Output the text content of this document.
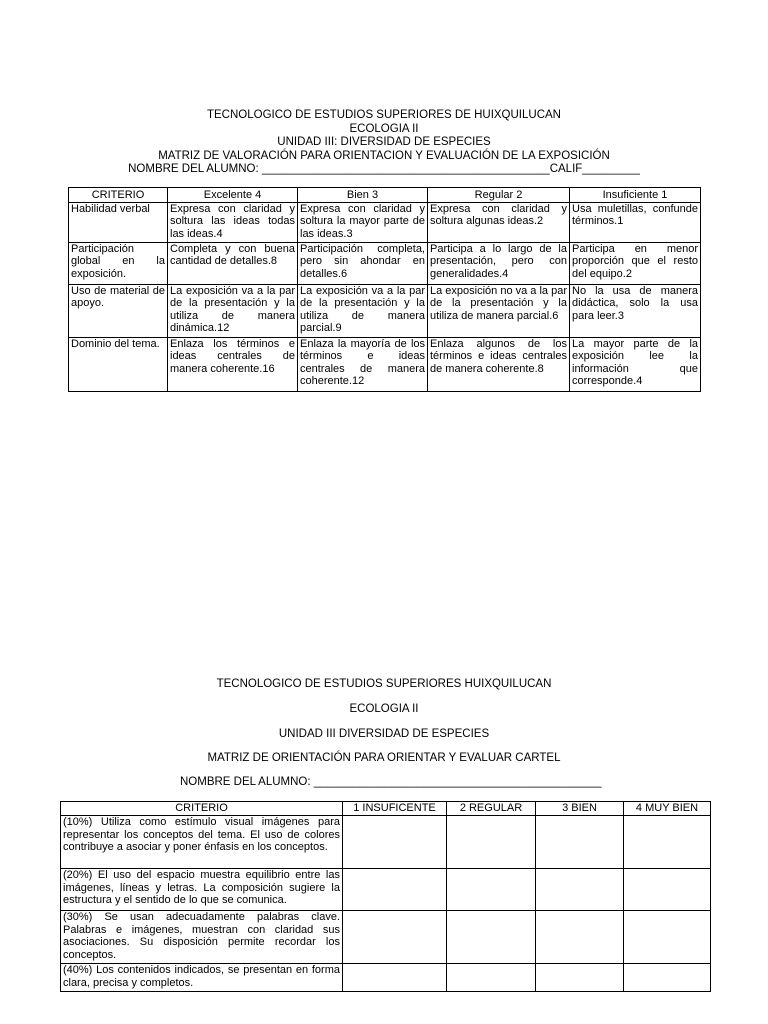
TECNOLOGICO DE ESTUDIOS SUPERIORES DE HUIXQUILUCAN
ECOLOGIA II
UNIDAD III: DIVERSIDAD DE ESPECIES
MATRIZ DE VALORACIÓN PARA ORIENTACION Y EVALUACIÓN DE LA EXPOSICIÓN
NOMBRE DEL ALUMNO: _____________________________________________CALIF_________
CRITERIO	Excelente 4	Bien 3	Regular 2	Insuficiente 1
Habilidad verbal	Expresa con claridad y soltura las ideas todas las ideas.4	Expresa con claridad y soltura la mayor parte de las ideas.3	Expresa con claridad y soltura algunas ideas.2	Usa muletillas, confunde términos.1
Participación global en la exposición.	Completa y con buena cantidad de detalles.8	Participación completa, pero sin ahondar en detalles.6	Participa a lo largo de la presentación, pero con generalidades.4	Participa en menor proporción que el resto del equipo.2
Uso de material de apoyo.	La exposición va a la par de la presentación y la utiliza de manera dinámica.12	La exposición va a la par de la presentación y la utiliza de manera parcial.9	La exposición no va a la par de la presentación y la utiliza de manera parcial.6	No la usa de manera didáctica, solo la usa para leer.3
Dominio del tema.	Enlaza los términos e ideas centrales de manera coherente.16	Enlaza la mayoría de los términos e ideas centrales de manera coherente.12	Enlaza algunos de los términos e ideas centrales de manera coherente.8	La mayor parte de la exposición lee la información que corresponde.4
TECNOLOGICO DE ESTUDIOS SUPERIORES HUIXQUILUCAN
ECOLOGIA II
UNIDAD III DIVERSIDAD DE ESPECIES
MATRIZ DE ORIENTACIÓN PARA ORIENTAR Y EVALUAR CARTEL
NOMBRE DEL ALUMNO: _____________________________________________
CRITERIO	1 INSUFICENTE	2 REGULAR	3 BIEN	4 MUY BIEN
(10%) Utiliza como estímulo visual imágenes para representar los conceptos del tema. El uso de colores contribuye a asociar y poner énfasis en los conceptos.				
(20%) El uso del espacio muestra equilibrio entre las imágenes, líneas y letras. La composición sugiere la estructura y el sentido de lo que se comunica.				
(30%) Se usan adecuadamente palabras clave. Palabras e imágenes, muestran con claridad sus asociaciones. Su disposición permite recordar los conceptos.				
(40%) Los contenidos indicados, se presentan en forma clara, precisa y completos.				
